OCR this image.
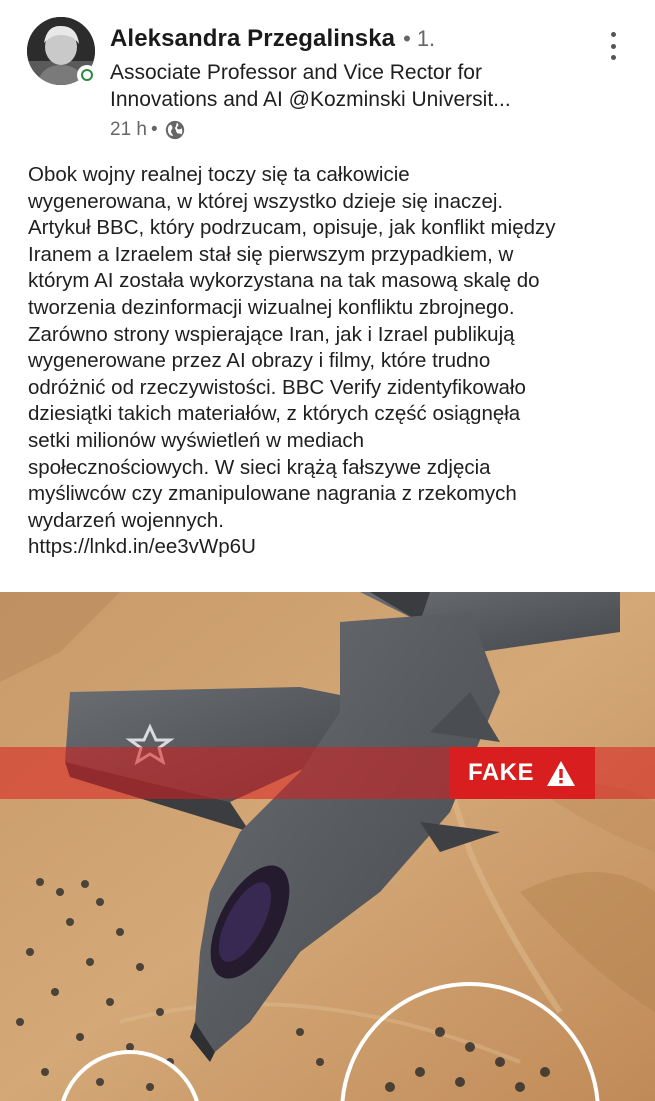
Aleksandra Przegalinska • 1.
Associate Professor and Vice Rector for
Innovations and AI @Kozminski Universit...
21 h •
Obok wojny realnej toczy się ta całkowicie
wygenerowana, w której wszystko dzieje się inaczej.
Artykuł BBC, który podrzucam, opisuje, jak konflikt między
Iranem a Izraelem stał się pierwszym przypadkiem, w
którym AI została wykorzystana na tak masową skalę do
tworzenia dezinformacji wizualnej konfliktu zbrojnego.
Zarówno strony wspierające Iran, jak i Izrael publikują
wygenerowane przez AI obrazy i filmy, które trudno
odróżnić od rzeczywistości. BBC Verify zidentyfikowało
dziesiątki takich materiałów, z których część osiągnęła
setki milionów wyświetleń w mediach
społecznościowych. W sieci krążą fałszywe zdjęcia
myśliwców czy zmanipulowane nagrania z rzekomych
wydarzeń wojennych.
https://lnkd.in/ee3vWp6U
FAKE
